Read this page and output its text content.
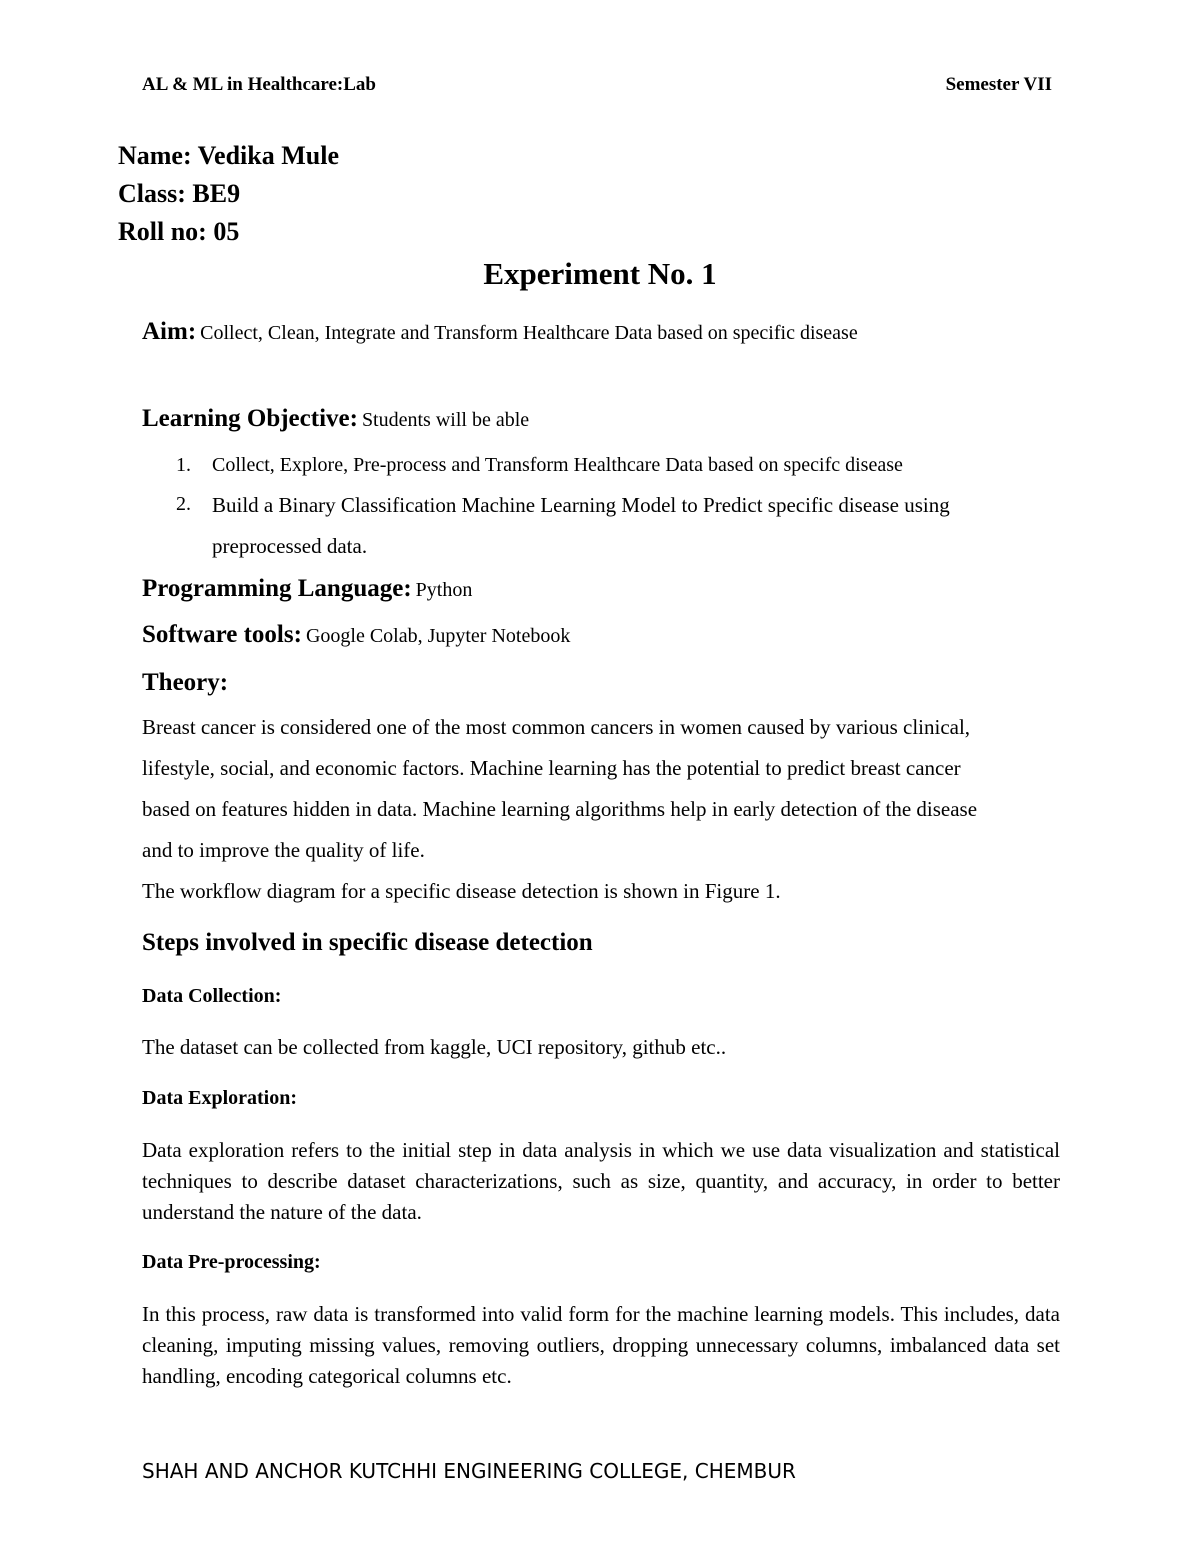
AL & ML in Healthcare:Lab	Semester VII
Name: Vedika Mule
Class: BE9
Roll no: 05
Experiment No. 1
Aim: Collect, Clean, Integrate and Transform Healthcare Data based on specific disease
Learning Objective: Students will be able
1. Collect, Explore, Pre-process and Transform Healthcare Data based on specifc disease
2. Build a Binary Classification Machine Learning Model to Predict specific disease using
preprocessed data.
Programming Language: Python
Software tools: Google Colab, Jupyter Notebook
Theory:
Breast cancer is considered one of the most common cancers in women caused by various clinical,
lifestyle, social, and economic factors. Machine learning has the potential to predict breast cancer
based on features hidden in data. Machine learning algorithms help in early detection of the disease
and to improve the quality of life.
The workflow diagram for a specific disease detection is shown in Figure 1.
Steps involved in specific disease detection
Data Collection:
The dataset can be collected from kaggle, UCI repository, github etc..
Data Exploration:
Data exploration refers to the initial step in data analysis in which we use data visualization and statistical techniques to describe dataset characterizations, such as size, quantity, and accuracy, in order to better understand the nature of the data.
Data Pre-processing:
In this process, raw data is transformed into valid form for the machine learning models. This includes, data cleaning, imputing missing values, removing outliers, dropping unnecessary columns, imbalanced data set handling, encoding categorical columns etc.
SHAH AND ANCHOR KUTCHHI ENGINEERING COLLEGE, CHEMBUR
